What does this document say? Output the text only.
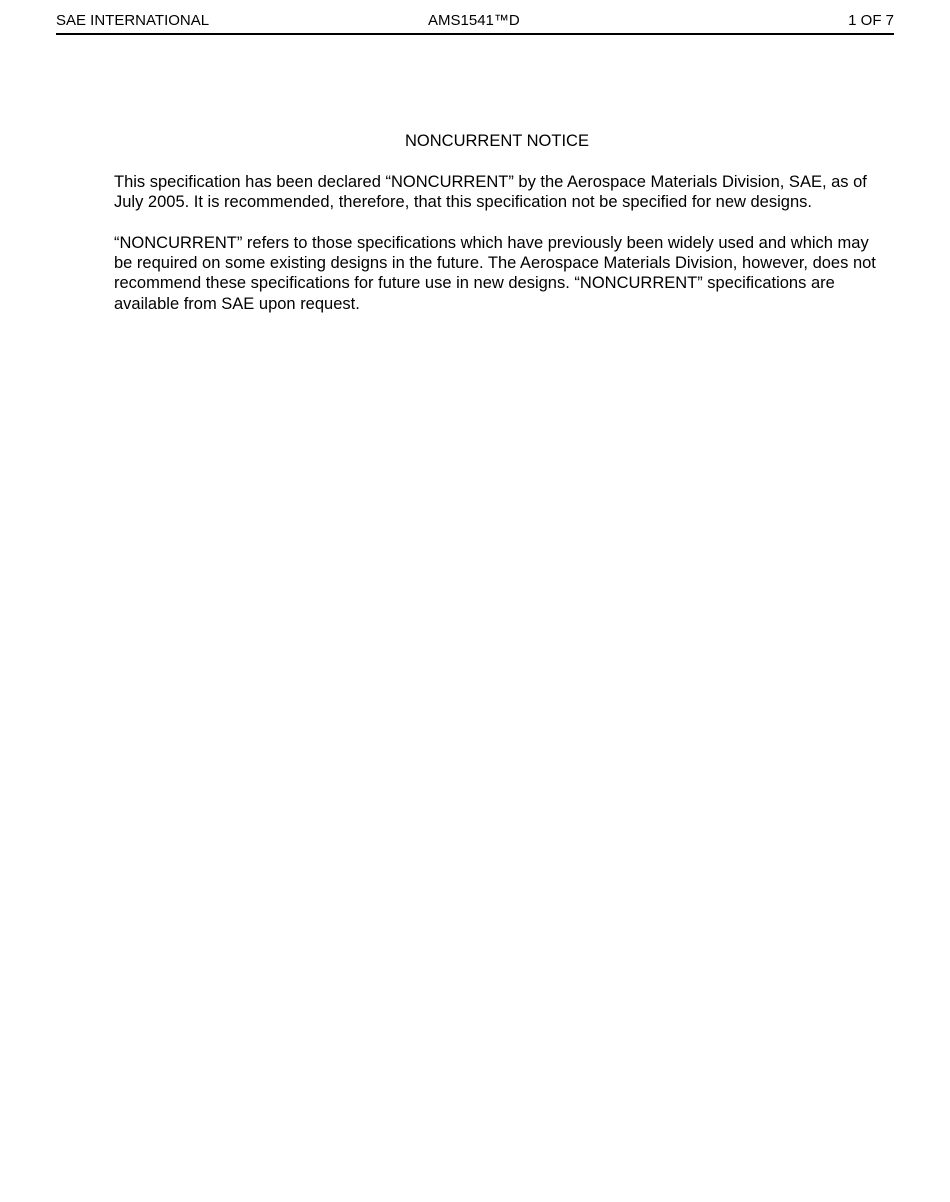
SAE INTERNATIONAL	AMS1541™D	1 OF 7
NONCURRENT NOTICE

This specification has been declared “NONCURRENT” by the Aerospace Materials Division, SAE, as of July 2005. It is recommended, therefore, that this specification not be specified for new designs.

“NONCURRENT” refers to those specifications which have previously been widely used and which may be required on some existing designs in the future. The Aerospace Materials Division, however, does not recommend these specifications for future use in new designs. “NONCURRENT” specifications are available from SAE upon request.
